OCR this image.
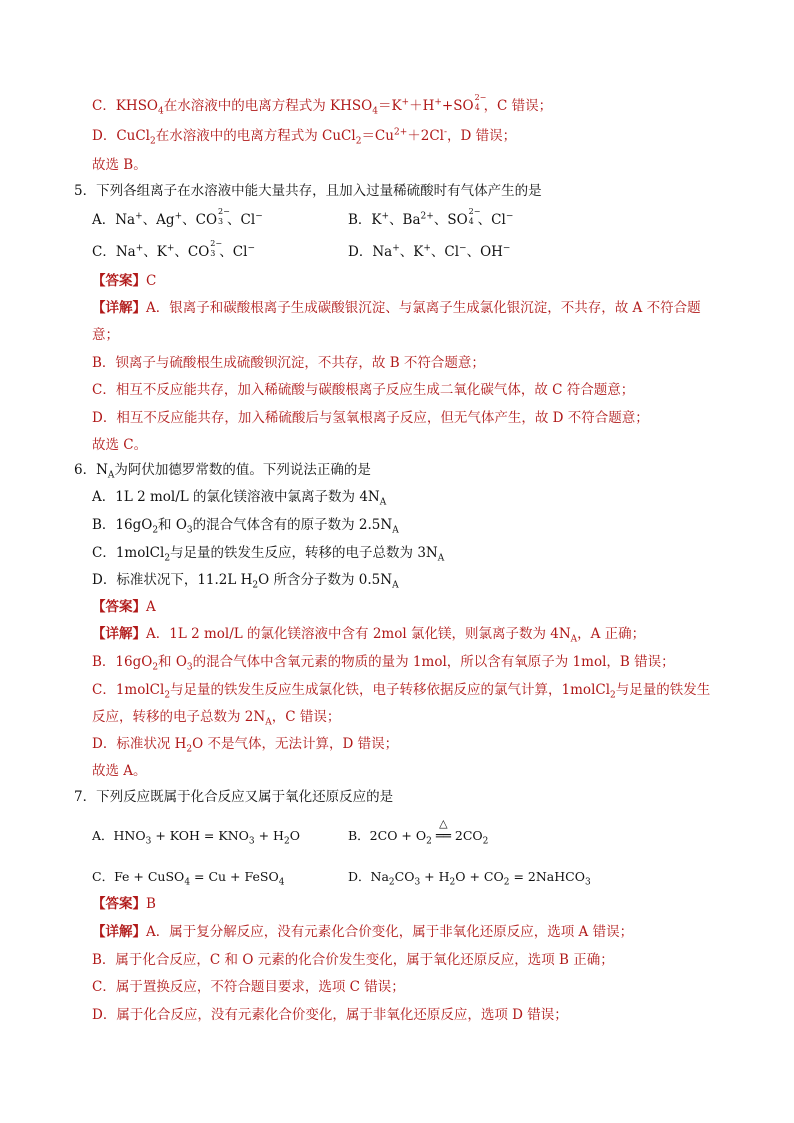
C．$KHSO_4$在水溶液中的电离方程式为 $KHSO_4=K^++H^++SO$
2−
4 ，C 错误；
D．CuCl$_2$在水溶液中的电离方程式为 $CuCl_2=Cu^{2+}+2Cl^-$，D 错误；
故选 B。
5．下列各组离子在水溶液中能大量共存，且加入过量稀硫酸时有气体产生的是
A．Na+、Ag+、CO
2−
3 、Cl−	B．K+、$Ba^{2+}$、SO
2−
4 、Cl−
C．Na+、K+、CO
2−
3 、Cl−	D．Na+、K+、Cl−、OH−
【答案】C
【详解】A．银离子和碳酸根离子生成碳酸银沉淀、与氯离子生成氯化银沉淀，不共存，故 A 不符合题
意；
B．钡离子与硫酸根生成硫酸钡沉淀，不共存，故 B 不符合题意；
C．相互不反应能共存，加入稀硫酸与碳酸根离子反应生成二氧化碳气体，故 C 符合题意；
D．相互不反应能共存，加入稀硫酸后与氢氧根离子反应，但无气体产生，故 D 不符合题意；
故选 C。
6．$N_A$为阿伏加德罗常数的值。下列说法正确的是
A．1L 2 mol/L 的氯化镁溶液中氯离子数为 $4N_A$
B．$16gO_2$和 $O_3$的混合气体含有的原子数为 $2.5N_A$
C．1molCl$_2$与足量的铁发生反应，转移的电子总数为 $3N_A$
D．标准状况下，11.2L $H_2O$ 所含分子数为 $0.5N_A$
【答案】A
【详解】A．1L 2 mol/L 的氯化镁溶液中含有 2mol 氯化镁，则氯离子数为 $4N_A$，A 正确；
B．$16gO_2$和 $O_3$的混合气体中含氧元素的物质的量为 1mol，所以含有氧原子为 1mol，B 错误；
C．1molCl$_2$与足量的铁发生反应生成氯化铁，电子转移依据反应的氯气计算，1molCl$_2$与足量的铁发生
反应，转移的电子总数为 $2N_A$，C 错误；
D．标准状况 $H_2O$ 不是气体，无法计算，D 错误；
故选 A。
7．下列反应既属于化合反应又属于氧化还原反应的是
A．$HNO_3$ + KOH = $KNO_3 + H_2O$	B．$2CO + O_2$
△
══ $2CO_2$
C．Fe + CuSO$_4$ = Cu + FeSO$_4$	D．$Na_2CO_3 + H_2O + CO_2$ = 2NaHCO$_3$
【答案】B
【详解】A．属于复分解反应，没有元素化合价变化，属于非氧化还原反应，选项 A 错误；
B．属于化合反应，C 和 O 元素的化合价发生变化，属于氧化还原反应，选项 B 正确；
C．属于置换反应，不符合题目要求，选项 C 错误；
D．属于化合反应，没有元素化合价变化，属于非氧化还原反应，选项 D 错误；
